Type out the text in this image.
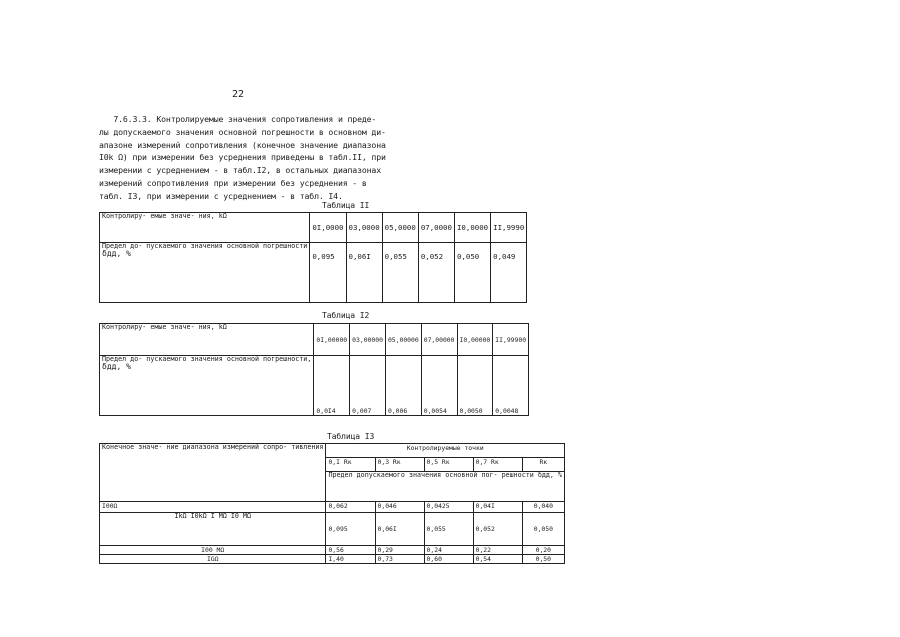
22
7.6.3.3. Контролируемые значения сопротивления и преде-
лы допускаемого значения основной погрешности в основном ди-
апазоне измерений сопротивления (конечное значение диапазона
I0k Ω) при измерении без усреднения приведены в табл.II, при
измерении с усреднением - в табл.I2, в остальных диапазонах
измерений сопротивления при измерении без усреднения - в
табл. I3, при измерении с усреднением - в табл. I4.
Таблица II
Контролиру- емые значе- ния, kΩ	0I,0000	03,0000	05,0000	07,0000	I0,0000	II,9990

Предел до- пускаемого значения основной погрешности
δдд, %	0,095	0,06I	0,055	0,052	0,050	0,049
Таблица I2
Контролиру- емые значе- ния, kΩ	0I,00000	03,00000	05,00000	07,00000	I0,00000	II,99900

Предел до- пускаемого значения основной погрешности,
δдд, %	0,0I4	0,007	0,006	0,0054	0,0050	0,0048
Таблица I3
Конечное значе- ние диапазона измерений сопро- тивления	Контролируемые точки				
	0,I Rк	0,3 Rк	0,5 Rк	0,7 Rк	Rк
	Предел допускаемого значения основной пог- решности δдд, %				
I00Ω	0,062	0,046	0,0425	0,04I	0,040
IkΩ I0kΩ I MΩ I0 MΩ	0,095	0,06I	0,055	0,052	0,050
I00 MΩ	0,56	0,29	0,24	0,22	0,20
IGΩ	I,40	0,73	0,60	0,54	0,50
